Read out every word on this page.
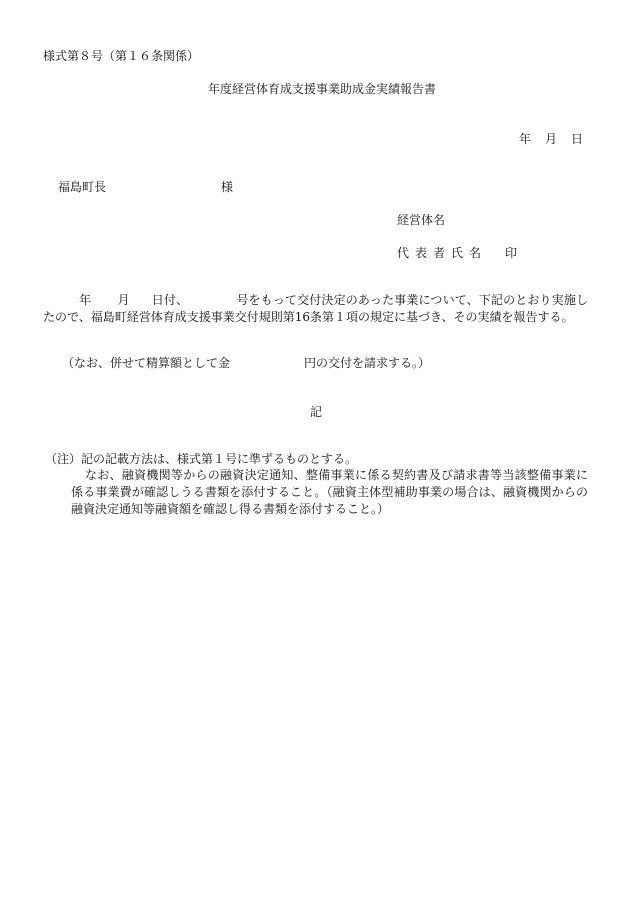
様式第８号（第１６条関係）
年度経営体育成支援事業助成金実績報告書
年 月 日
福島町長	様
経営体名
代表者氏名 印
年 月 日付、	号をもって交付決定のあった事業について、下記のとおり実施したので、福島町経営体育成支援事業交付規則第16条第１項の規定に基づき、その実績を報告する。
（なお、併せて精算額として金	円の交付を請求する。）
記
（注）記の記載方法は、様式第１号に準ずるものとする。
なお、融資機関等からの融資決定通知、整備事業に係る契約書及び請求書等当該整備事業に係る事業費が確認しうる書類を添付すること。（融資主体型補助事業の場合は、融資機関からの融資決定通知等融資額を確認し得る書類を添付すること。）
